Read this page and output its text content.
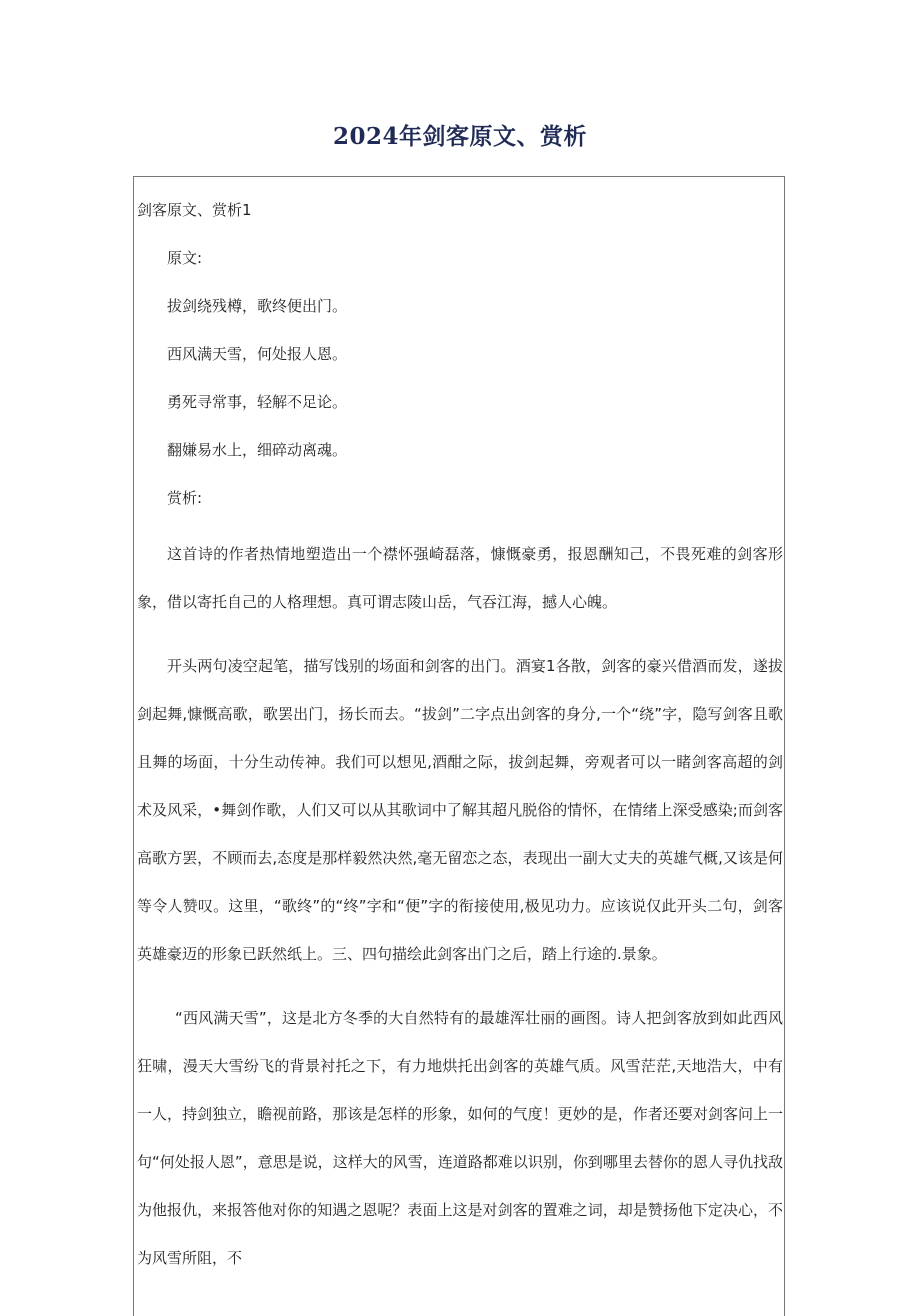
2024年剑客原文、赏析
剑客原文、赏析1
原文:
拔剑绕残樽，歌终便出门。
西风满天雪，何处报人恩。
勇死寻常事，轻解不足论。
翻嫌易水上，细碎动离魂。
赏析:

这首诗的作者热情地塑造出一个襟怀强崎磊落，慷慨豪勇，报恩酬知己，不畏死难的剑客形象，借以寄托自己的人格理想。真可谓志陵山岳，气吞江海，撼人心魄。

开头两句凌空起笔，描写饯别的场面和剑客的出门。酒宴1各散，剑客的豪兴借酒而发，遂拔剑起舞,慷慨高歌，歌罢出门，扬长而去。“拔剑”二字点出剑客的身分,一个“绕”字，隐写剑客且歌且舞的场面，十分生动传神。我们可以想见,酒酣之际，拔剑起舞，旁观者可以一睹剑客高超的剑术及风采，•舞剑作歌，人们又可以从其歌词中了解其超凡脱俗的情怀，在情绪上深受感染;而剑客高歌方罢，不顾而去,态度是那样毅然决然,毫无留恋之态，表现出一副大丈夫的英雄气概,又该是何等令人赞叹。这里，“歌终”的“终”字和“便”字的衔接使用,极见功力。应该说仅此开头二句，剑客英雄豪迈的形象已跃然纸上。三、四句描绘此剑客出门之后，踏上行途的.景象。

“西风满天雪”，这是北方冬季的大自然特有的最雄浑壮丽的画图。诗人把剑客放到如此西风狂啸，漫天大雪纷飞的背景衬托之下，有力地烘托出剑客的英雄气质。风雪茫茫,天地浩大，中有一人，持剑独立，瞻视前路，那该是怎样的形象，如何的气度！更妙的是，作者还要对剑客问上一句“何处报人恩”，意思是说，这样大的风雪，连道路都难以识别，你到哪里去替你的恩人寻仇找敌为他报仇，来报答他对你的知遇之恩呢？表面上这是对剑客的置难之词，却是赞扬他下定决心，不为风雪所阻，不
